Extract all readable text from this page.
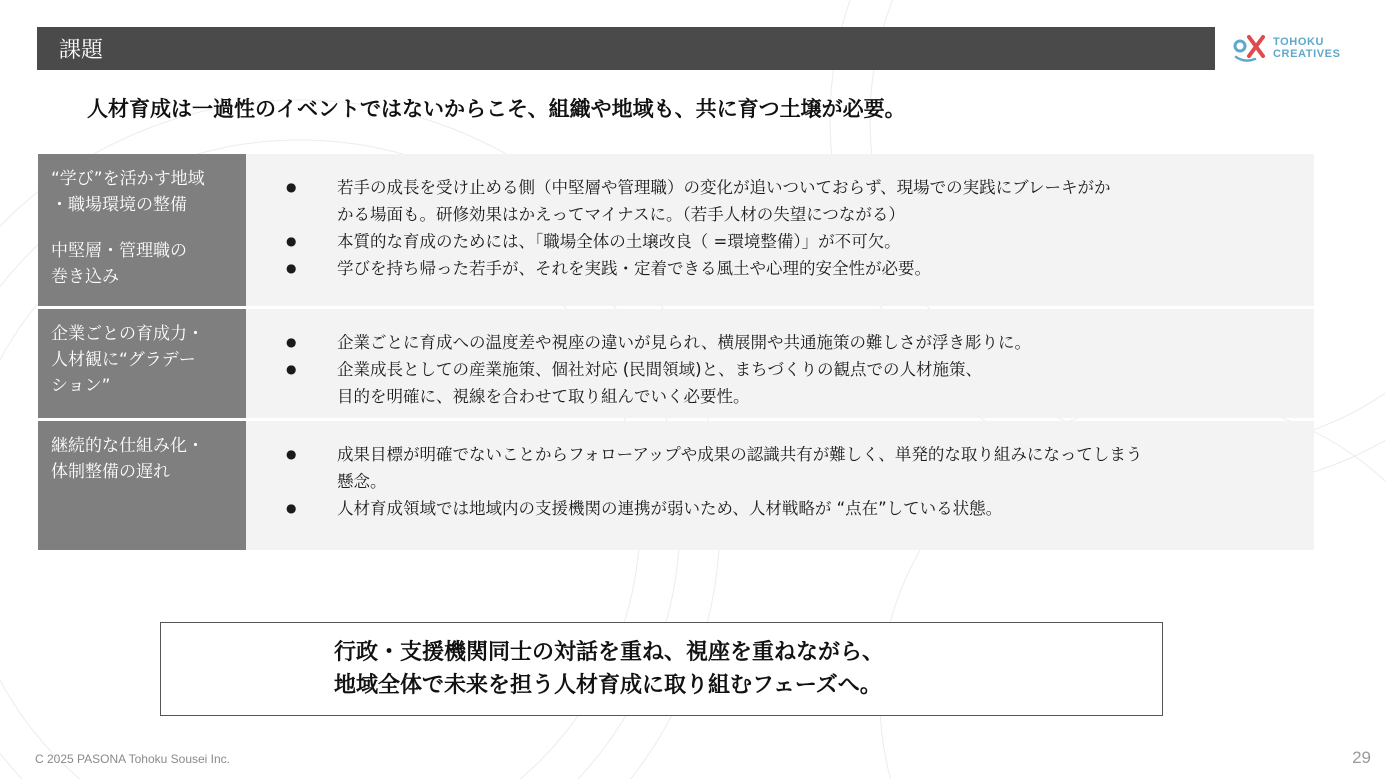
課題	TOHOKU
CREATIVES
人材育成は一過性のイベントではないからこそ、組織や地域も、共に育つ土壌が必要。
“学び”を活かす地域
・職場環境の整備
中堅層・管理職の
巻き込み
●	若手の成長を受け止める側（中堅層や管理職）の変化が追いついておらず、現場での実践にブレーキがか
かる場面も。研修効果はかえってマイナスに。（若手人材の失望につながる）
●	本質的な育成のためには、「職場全体の土壌改良（ =環境整備）」が不可欠。
●	学びを持ち帰った若手が、それを実践・定着できる風土や心理的安全性が必要。
企業ごとの育成力・
人材観に“グラデー
ション”
●	企業ごとに育成への温度差や視座の違いが見られ、横展開や共通施策の難しさが浮き彫りに。
●	企業成長としての産業施策、個社対応 (民間領域)と、まちづくりの観点での人材施策、
目的を明確に、視線を合わせて取り組んでいく必要性。
継続的な仕組み化・
体制整備の遅れ
●	成果目標が明確でないことからフォローアップや成果の認識共有が難しく、単発的な取り組みになってしまう
懸念。
●	人材育成領域では地域内の支援機関の連携が弱いため、人材戦略が “点在”している状態。
行政・支援機関同士の対話を重ね、視座を重ねながら、
地域全体で未来を担う人材育成に取り組むフェーズへ。
C 2025 PASONA Tohoku Sousei Inc.	29
